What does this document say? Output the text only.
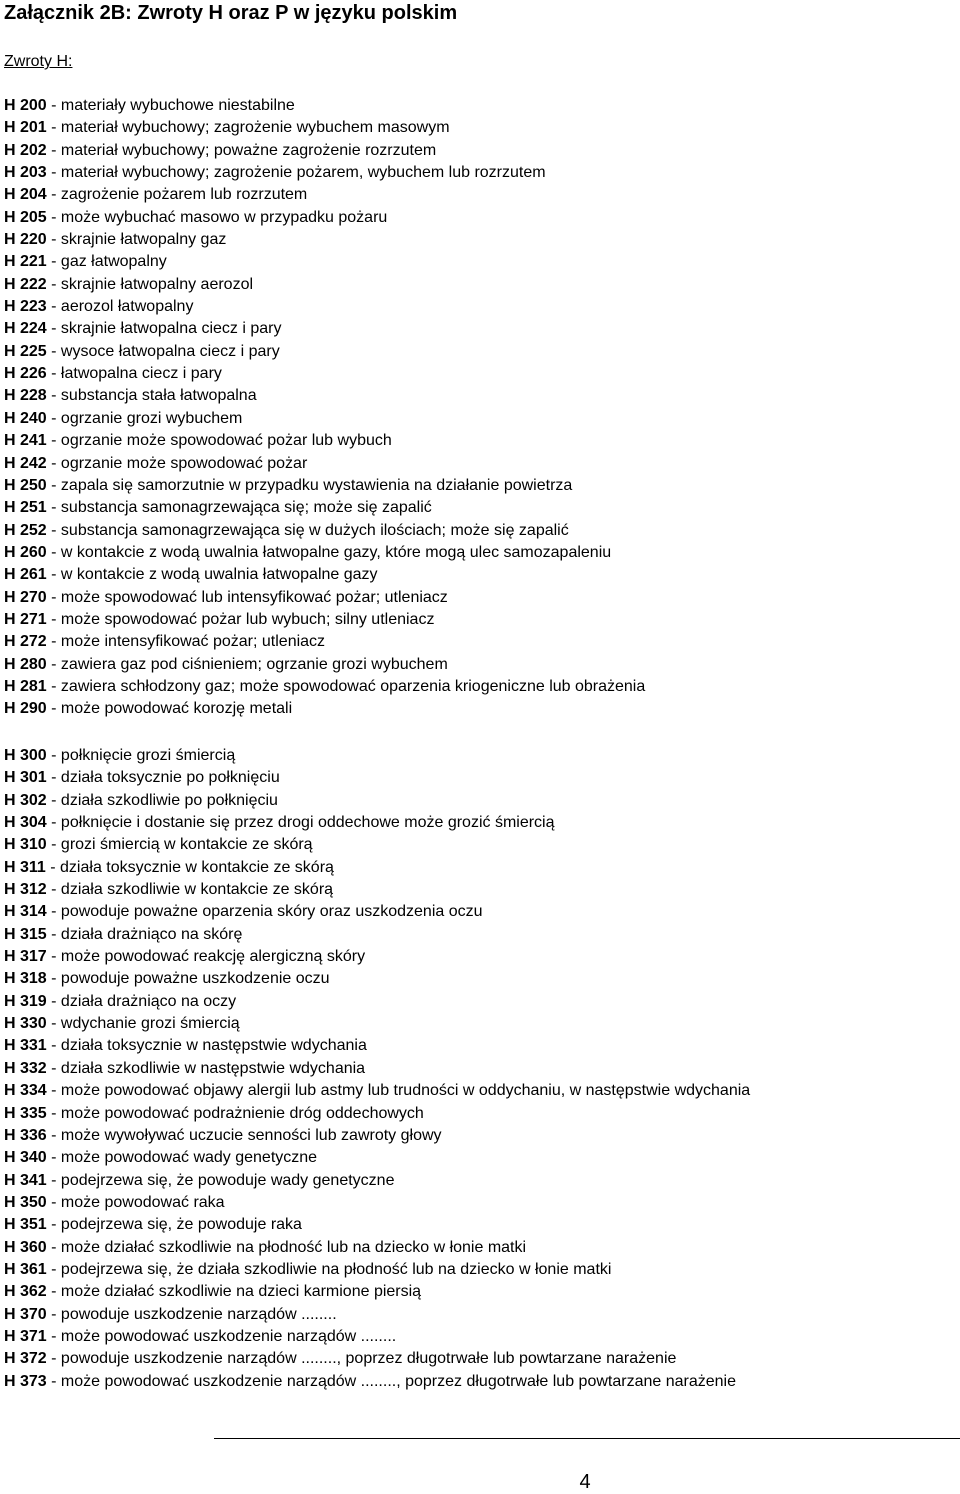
Załącznik 2B: Zwroty H oraz P w języku polskim
Zwroty H:
H 200 - materiały wybuchowe niestabilne
H 201 - materiał wybuchowy; zagrożenie wybuchem masowym
H 202 - materiał wybuchowy; poważne zagrożenie rozrzutem
H 203 - materiał wybuchowy; zagrożenie pożarem, wybuchem lub rozrzutem
H 204 - zagrożenie pożarem lub rozrzutem
H 205 - może wybuchać masowo w przypadku pożaru
H 220 - skrajnie łatwopalny gaz
H 221 - gaz łatwopalny
H 222 - skrajnie łatwopalny aerozol
H 223 - aerozol łatwopalny
H 224 - skrajnie łatwopalna ciecz i pary
H 225 - wysoce łatwopalna ciecz i pary
H 226 - łatwopalna ciecz i pary
H 228 - substancja stała łatwopalna
H 240 - ogrzanie grozi wybuchem
H 241 - ogrzanie może spowodować pożar lub wybuch
H 242 - ogrzanie może spowodować pożar
H 250 - zapala się samorzutnie w przypadku wystawienia na działanie powietrza
H 251 - substancja samonagrzewająca się; może się zapalić
H 252 - substancja samonagrzewająca się w dużych ilościach; może się zapalić
H 260 - w kontakcie z wodą uwalnia łatwopalne gazy, które mogą ulec samozapaleniu
H 261 - w kontakcie z wodą uwalnia łatwopalne gazy
H 270 - może spowodować lub intensyfikować pożar; utleniacz
H 271 - może spowodować pożar lub wybuch; silny utleniacz
H 272 - może intensyfikować pożar; utleniacz
H 280 - zawiera gaz pod ciśnieniem; ogrzanie grozi wybuchem
H 281 - zawiera schłodzony gaz; może spowodować oparzenia kriogeniczne lub obrażenia
H 290 - może powodować korozję metali
H 300 - połknięcie grozi śmiercią
H 301 - działa toksycznie po połknięciu
H 302 - działa szkodliwie po połknięciu
H 304 - połknięcie i dostanie się przez drogi oddechowe może grozić śmiercią
H 310 - grozi śmiercią w kontakcie ze skórą
H 311 - działa toksycznie w kontakcie ze skórą
H 312 - działa szkodliwie w kontakcie ze skórą
H 314 - powoduje poważne oparzenia skóry oraz uszkodzenia oczu
H 315 - działa drażniąco na skórę
H 317 - może powodować reakcję alergiczną skóry
H 318 - powoduje poważne uszkodzenie oczu
H 319 - działa drażniąco na oczy
H 330 - wdychanie grozi śmiercią
H 331 - działa toksycznie w następstwie wdychania
H 332 - działa szkodliwie w następstwie wdychania
H 334 - może powodować objawy alergii lub astmy lub trudności w oddychaniu, w następstwie wdychania
H 335 - może powodować podrażnienie dróg oddechowych
H 336 - może wywoływać uczucie senności lub zawroty głowy
H 340 - może powodować wady genetyczne
H 341 - podejrzewa się, że powoduje wady genetyczne
H 350 - może powodować raka
H 351 - podejrzewa się, że powoduje raka
H 360 - może działać szkodliwie na płodność lub na dziecko w łonie matki
H 361 - podejrzewa się, że działa szkodliwie na płodność lub na dziecko w łonie matki
H 362 - może działać szkodliwie na dzieci karmione piersią
H 370 - powoduje uszkodzenie narządów ........
H 371 - może powodować uszkodzenie narządów ........
H 372 - powoduje uszkodzenie narządów ........, poprzez długotrwałe lub powtarzane narażenie
H 373 - może powodować uszkodzenie narządów ........, poprzez długotrwałe lub powtarzane narażenie
4
